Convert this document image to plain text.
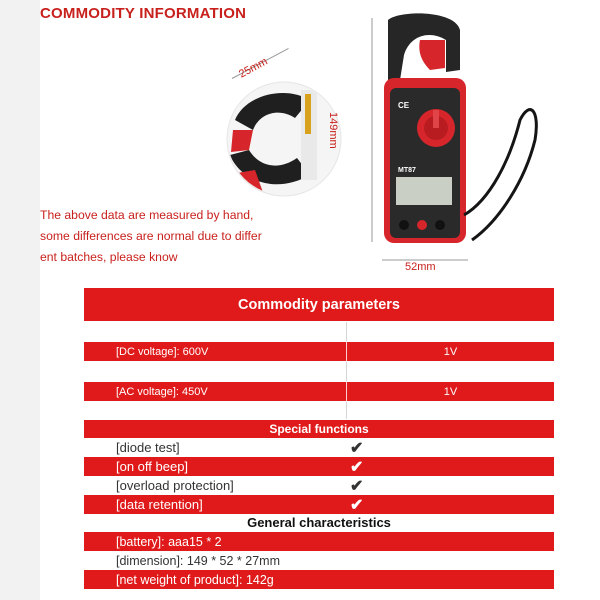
COMMODITY INFORMATION
25mm
The above data are measured by hand, some differences are normal due to differ ent batches, please know
149mm
52mm
CE
MT87
Commodity parameters
[DC voltage]: 600V	1V
[AC voltage]: 450V	1V
Special functions
[diode test]	✔
[on off beep]	✔
[overload protection]	✔
[data retention]	✔
General characteristics
[battery]: aaa15 * 2
[dimension]: 149 * 52 * 27mm
[net weight of product]: 142g
